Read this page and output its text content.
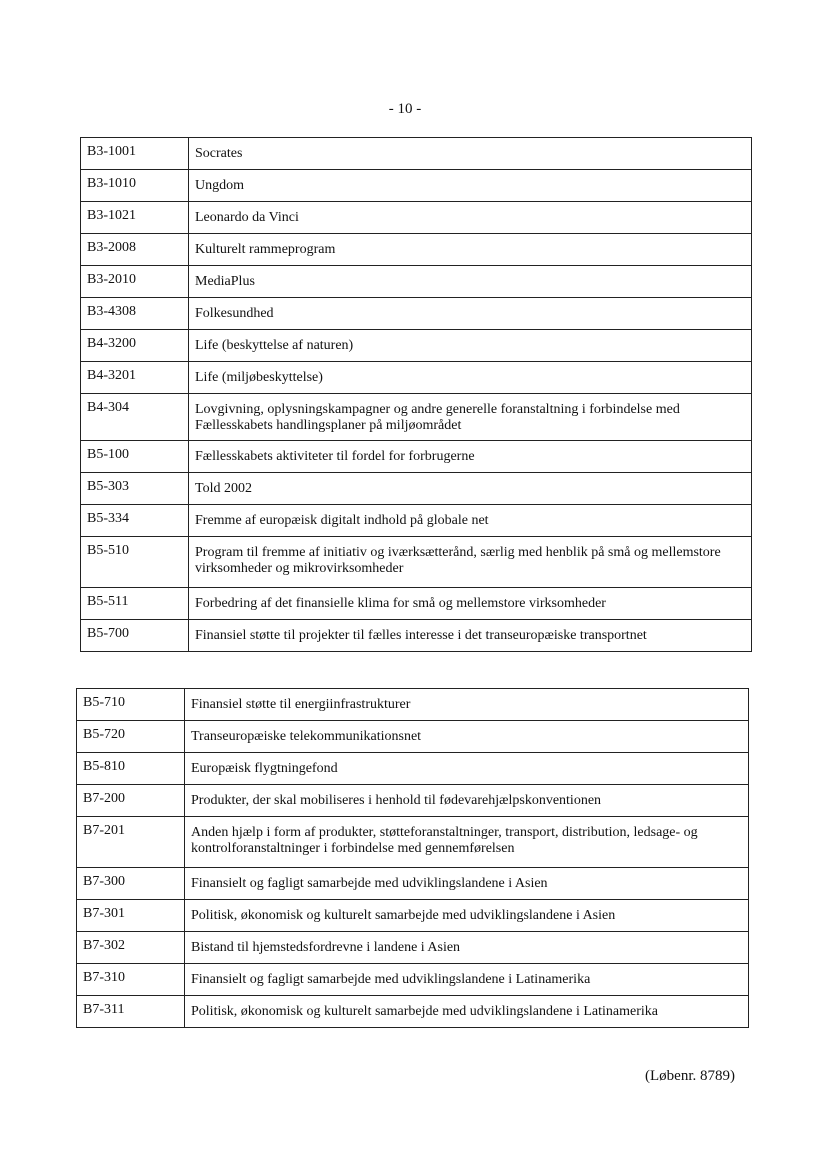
- 10 -
B3-1001	Socrates
B3-1010	Ungdom
B3-1021	Leonardo da Vinci
B3-2008	Kulturelt rammeprogram
B3-2010	MediaPlus
B3-4308	Folkesundhed
B4-3200	Life (beskyttelse af naturen)
B4-3201	Life (miljøbeskyttelse)
B4-304	Lovgivning, oplysningskampagner og andre generelle foranstaltning i forbindelse med Fællesskabets handlingsplaner på miljøområdet
B5-100	Fællesskabets aktiviteter til fordel for forbrugerne
B5-303	Told 2002
B5-334	Fremme af europæisk digitalt indhold på globale net
B5-510	Program til fremme af initiativ og iværksætterånd, særlig med henblik på små og mellemstore virksomheder og mikrovirksomheder
B5-511	Forbedring af det finansielle klima for små og mellemstore virksomheder
B5-700	Finansiel støtte til projekter til fælles interesse i det transeuropæiske transportnet
B5-710	Finansiel støtte til energiinfrastrukturer
B5-720	Transeuropæiske telekommunikationsnet
B5-810	Europæisk flygtningefond
B7-200	Produkter, der skal mobiliseres i henhold til fødevarehjælpskonventionen
B7-201	Anden hjælp i form af produkter, støtteforanstaltninger, transport, distribution, ledsage- og kontrolforanstaltninger i forbindelse med gennemførelsen
B7-300	Finansielt og fagligt samarbejde med udviklingslandene i Asien
B7-301	Politisk, økonomisk og kulturelt samarbejde med udviklingslandene i Asien
B7-302	Bistand til hjemstedsfordrevne i landene i Asien
B7-310	Finansielt og fagligt samarbejde med udviklingslandene i Latinamerika
B7-311	Politisk, økonomisk og kulturelt samarbejde med udviklingslandene i Latinamerika
(Løbenr. 8789)
